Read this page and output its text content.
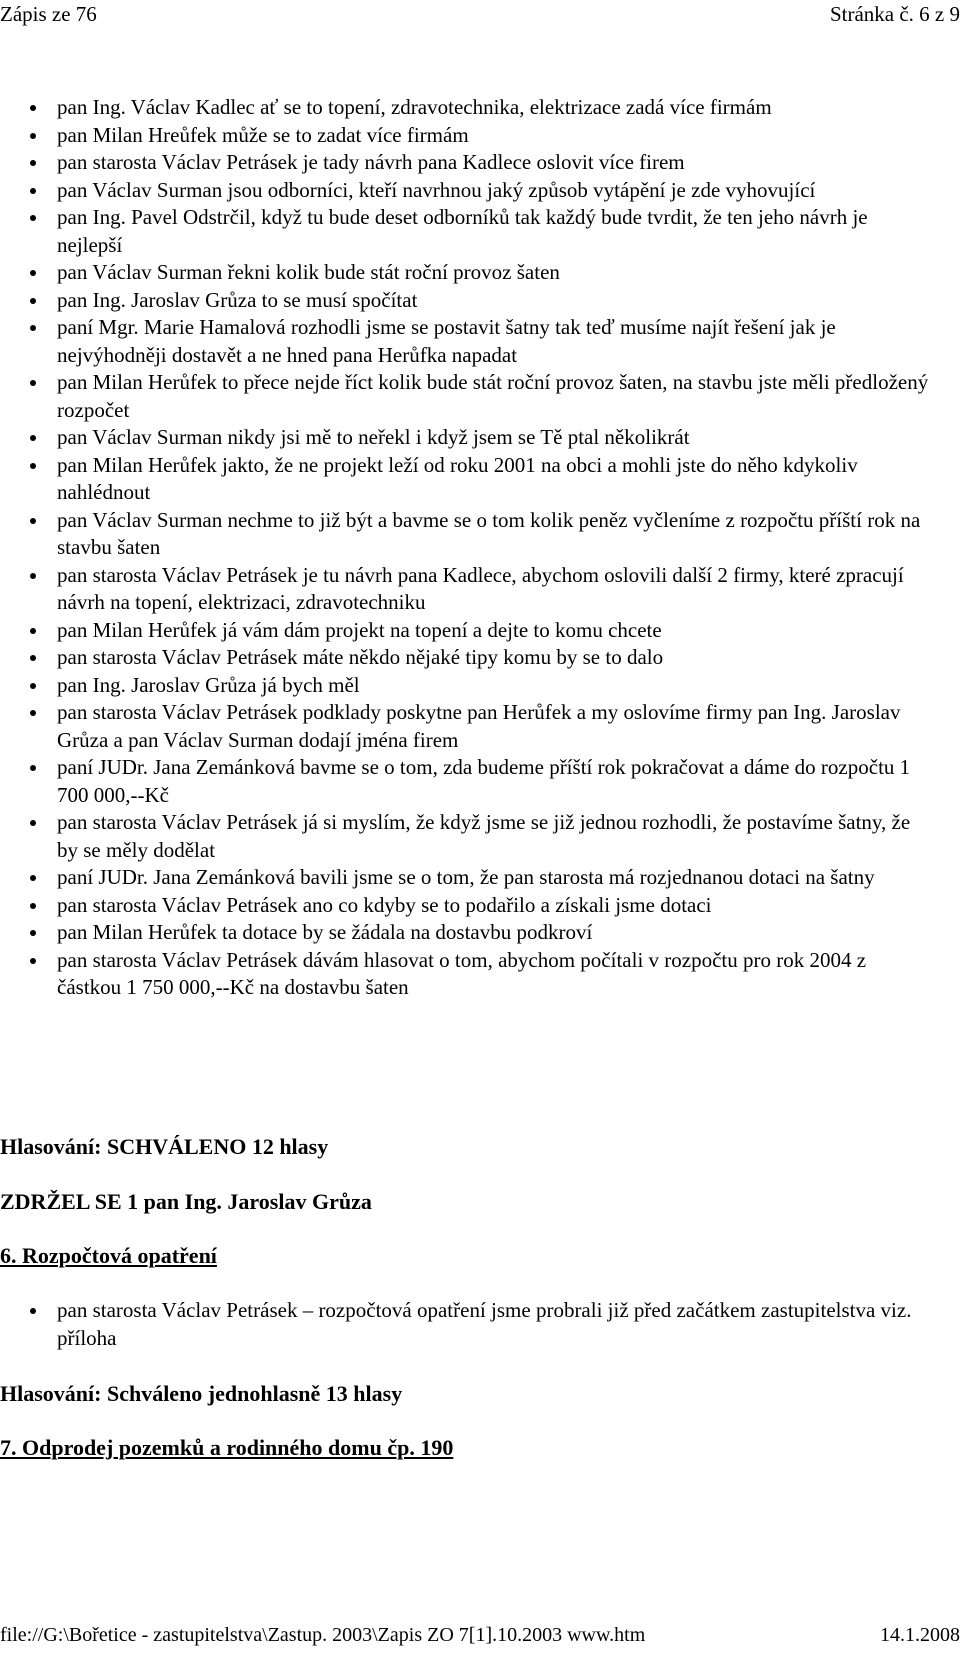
Zápis ze 76	Stránka č. 6 z 9
pan Ing. Václav Kadlec ať se to topení, zdravotechnika, elektrizace zadá více firmám
pan Milan Hreůfek může se to zadat více firmám
pan starosta Václav Petrásek je tady návrh pana Kadlece oslovit více firem
pan Václav Surman jsou odborníci, kteří navrhnou jaký způsob vytápění je zde vyhovující
pan Ing. Pavel Odstrčil, když tu bude deset odborníků tak každý bude tvrdit, že ten jeho návrh je nejlepší
pan Václav Surman řekni kolik bude stát roční provoz šaten
pan Ing. Jaroslav Grůza to se musí spočítat
paní Mgr. Marie Hamalová rozhodli jsme se postavit šatny tak teď musíme najít řešení jak je nejvýhodněji dostavět a ne hned pana Herůfka napadat
pan Milan Herůfek to přece nejde říct kolik bude stát roční provoz šaten, na stavbu jste měli předložený rozpočet
pan Václav Surman nikdy jsi mě to neřekl i když jsem se Tě ptal několikrát
pan Milan Herůfek jakto, že ne projekt leží od roku 2001 na obci a mohli jste do něho kdykoliv nahlédnout
pan Václav Surman nechme to již být a bavme se o tom kolik peněz vyčleníme z rozpočtu příští rok na stavbu šaten
pan starosta Václav Petrásek je tu návrh pana Kadlece, abychom oslovili další 2 firmy, které zpracují návrh na topení, elektrizaci, zdravotechniku
pan Milan Herůfek já vám dám projekt na topení a dejte to komu chcete
pan starosta Václav Petrásek máte někdo nějaké tipy komu by se to dalo
pan Ing. Jaroslav Grůza já bych měl
pan starosta Václav Petrásek podklady poskytne pan Herůfek a my oslovíme firmy pan Ing. Jaroslav Grůza a pan Václav Surman dodají jména firem
paní JUDr. Jana Zemánková bavme se o tom, zda budeme příští rok pokračovat a dáme do rozpočtu 1 700 000,--Kč
pan starosta Václav Petrásek já si myslím, že když jsme se již jednou rozhodli, že postavíme šatny, že by se měly dodělat
paní JUDr. Jana Zemánková bavili jsme se o tom, že pan starosta má rozjednanou dotaci na šatny
pan starosta Václav Petrásek ano co kdyby se to podařilo a získali jsme dotaci
pan Milan Herůfek ta dotace by se žádala na dostavbu podkroví
pan starosta Václav Petrásek dávám hlasovat o tom, abychom počítali v rozpočtu pro rok 2004 z částkou 1 750 000,--Kč na dostavbu šaten

Hlasování: SCHVÁLENO 12 hlasy

ZDRŽEL SE 1 pan Ing. Jaroslav Grůza

6. Rozpočtová opatření

pan starosta Václav Petrásek – rozpočtová opatření jsme probrali již před začátkem zastupitelstva viz. příloha

Hlasování: Schváleno jednohlasně 13 hlasy

7. Odprodej pozemků a rodinného domu čp. 190

file://G:\Bořetice - zastupitelstva\Zastup. 2003\Zapis ZO 7[1].10.2003 www.htm	14.1.2008
